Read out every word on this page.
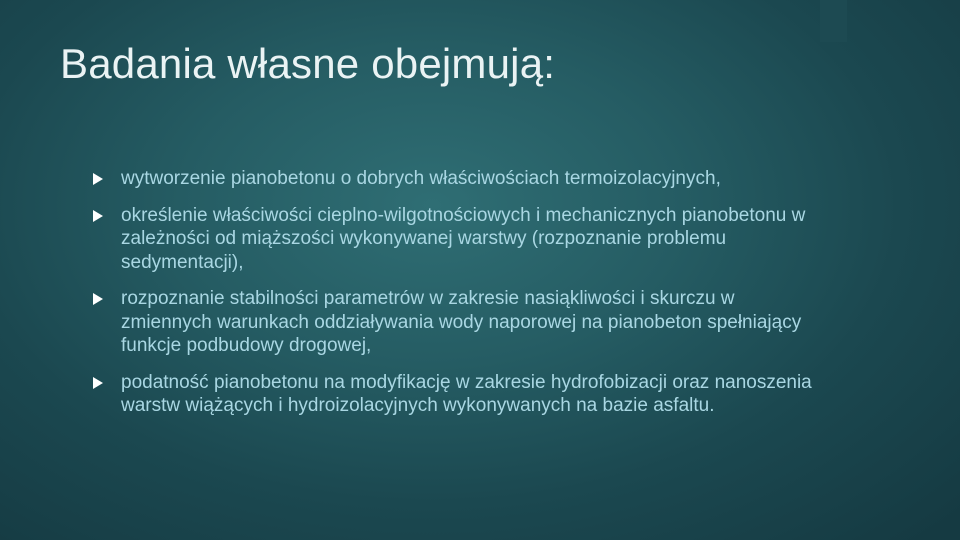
Badania własne obejmują:
wytworzenie pianobetonu o dobrych właściwościach termoizolacyjnych,
określenie właściwości cieplno-wilgotnościowych i mechanicznych pianobetonu w zależności od miąższości wykonywanej warstwy (rozpoznanie problemu sedymentacji),
rozpoznanie stabilności parametrów w zakresie nasiąkliwości i skurczu w zmiennych warunkach oddziaływania wody naporowej na pianobeton spełniający funkcje podbudowy drogowej,
podatność pianobetonu na modyfikację w zakresie hydrofobizacji oraz nanoszenia warstw wiążących i hydroizolacyjnych wykonywanych na bazie asfaltu.
